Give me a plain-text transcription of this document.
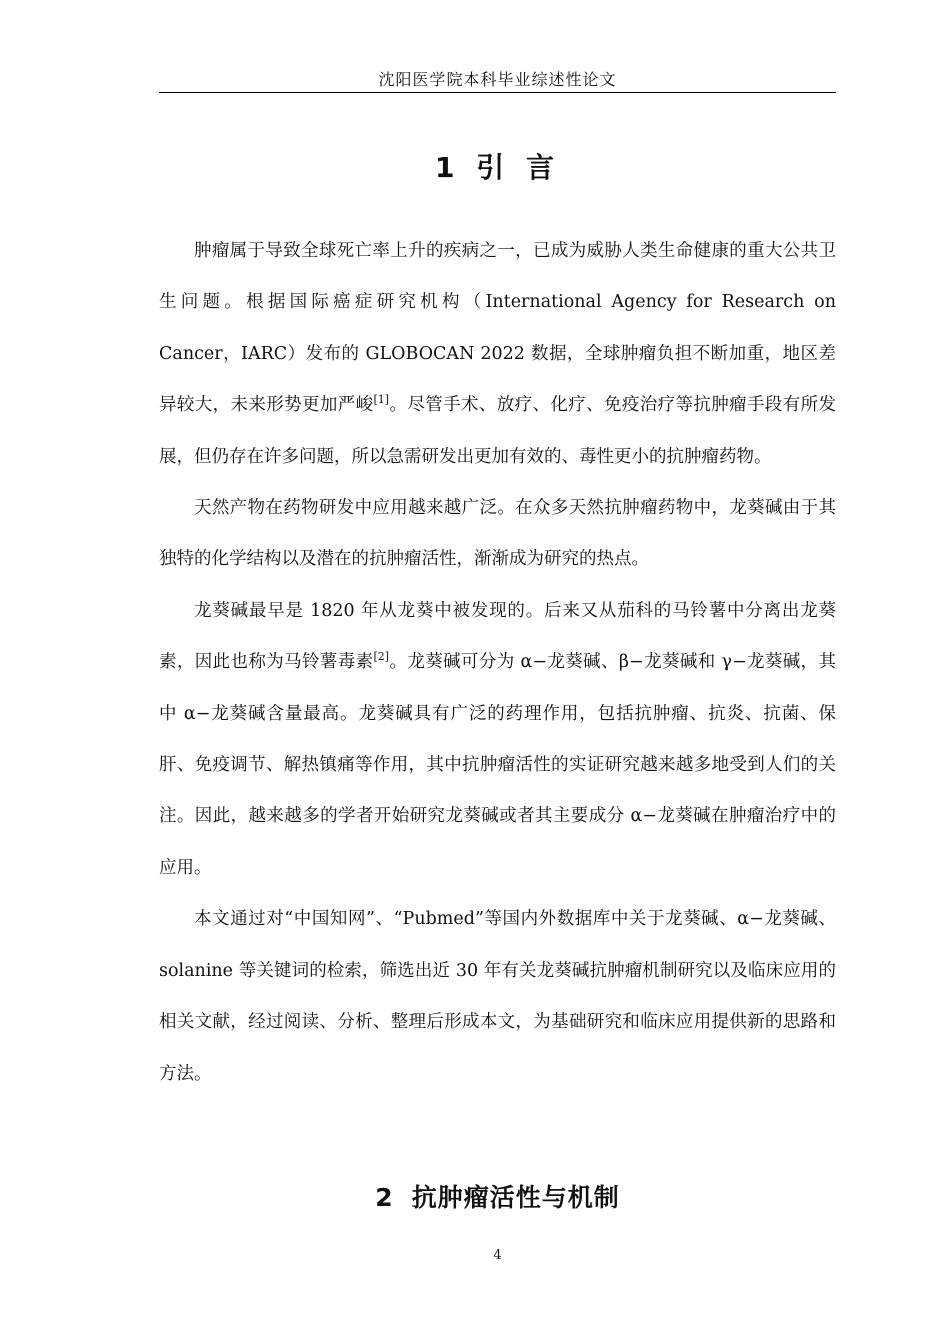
沈阳医学院本科毕业综述性论文
1 引 言

肿瘤属于导致全球死亡率上升的疾病之一，已成为威胁人类生命健康的重大公共卫生问题。根据国际癌症研究机构（International Agency for Research on Cancer，IARC）发布的 GLOBOCAN 2022 数据，全球肿瘤负担不断加重，地区差异较大，未来形势更加严峻[1]。尽管手术、放疗、化疗、免疫治疗等抗肿瘤手段有所发展，但仍存在许多问题，所以急需研发出更加有效的、毒性更小的抗肿瘤药物。

天然产物在药物研发中应用越来越广泛。在众多天然抗肿瘤药物中，龙葵碱由于其独特的化学结构以及潜在的抗肿瘤活性，渐渐成为研究的热点。

龙葵碱最早是 1820 年从龙葵中被发现的。后来又从茄科的马铃薯中分离出龙葵素，因此也称为马铃薯毒素[2]。龙葵碱可分为 α−龙葵碱、β−龙葵碱和 γ−龙葵碱，其中 α−龙葵碱含量最高。龙葵碱具有广泛的药理作用，包括抗肿瘤、抗炎、抗菌、保肝、免疫调节、解热镇痛等作用，其中抗肿瘤活性的实证研究越来越多地受到人们的关注。因此，越来越多的学者开始研究龙葵碱或者其主要成分 α−龙葵碱在肿瘤治疗中的应用。

本文通过对“中国知网”、“Pubmed”等国内外数据库中关于龙葵碱、α−龙葵碱、solanine 等关键词的检索，筛选出近 30 年有关龙葵碱抗肿瘤机制研究以及临床应用的相关文献，经过阅读、分析、整理后形成本文，为基础研究和临床应用提供新的思路和方法。

2 抗肿瘤活性与机制
4
